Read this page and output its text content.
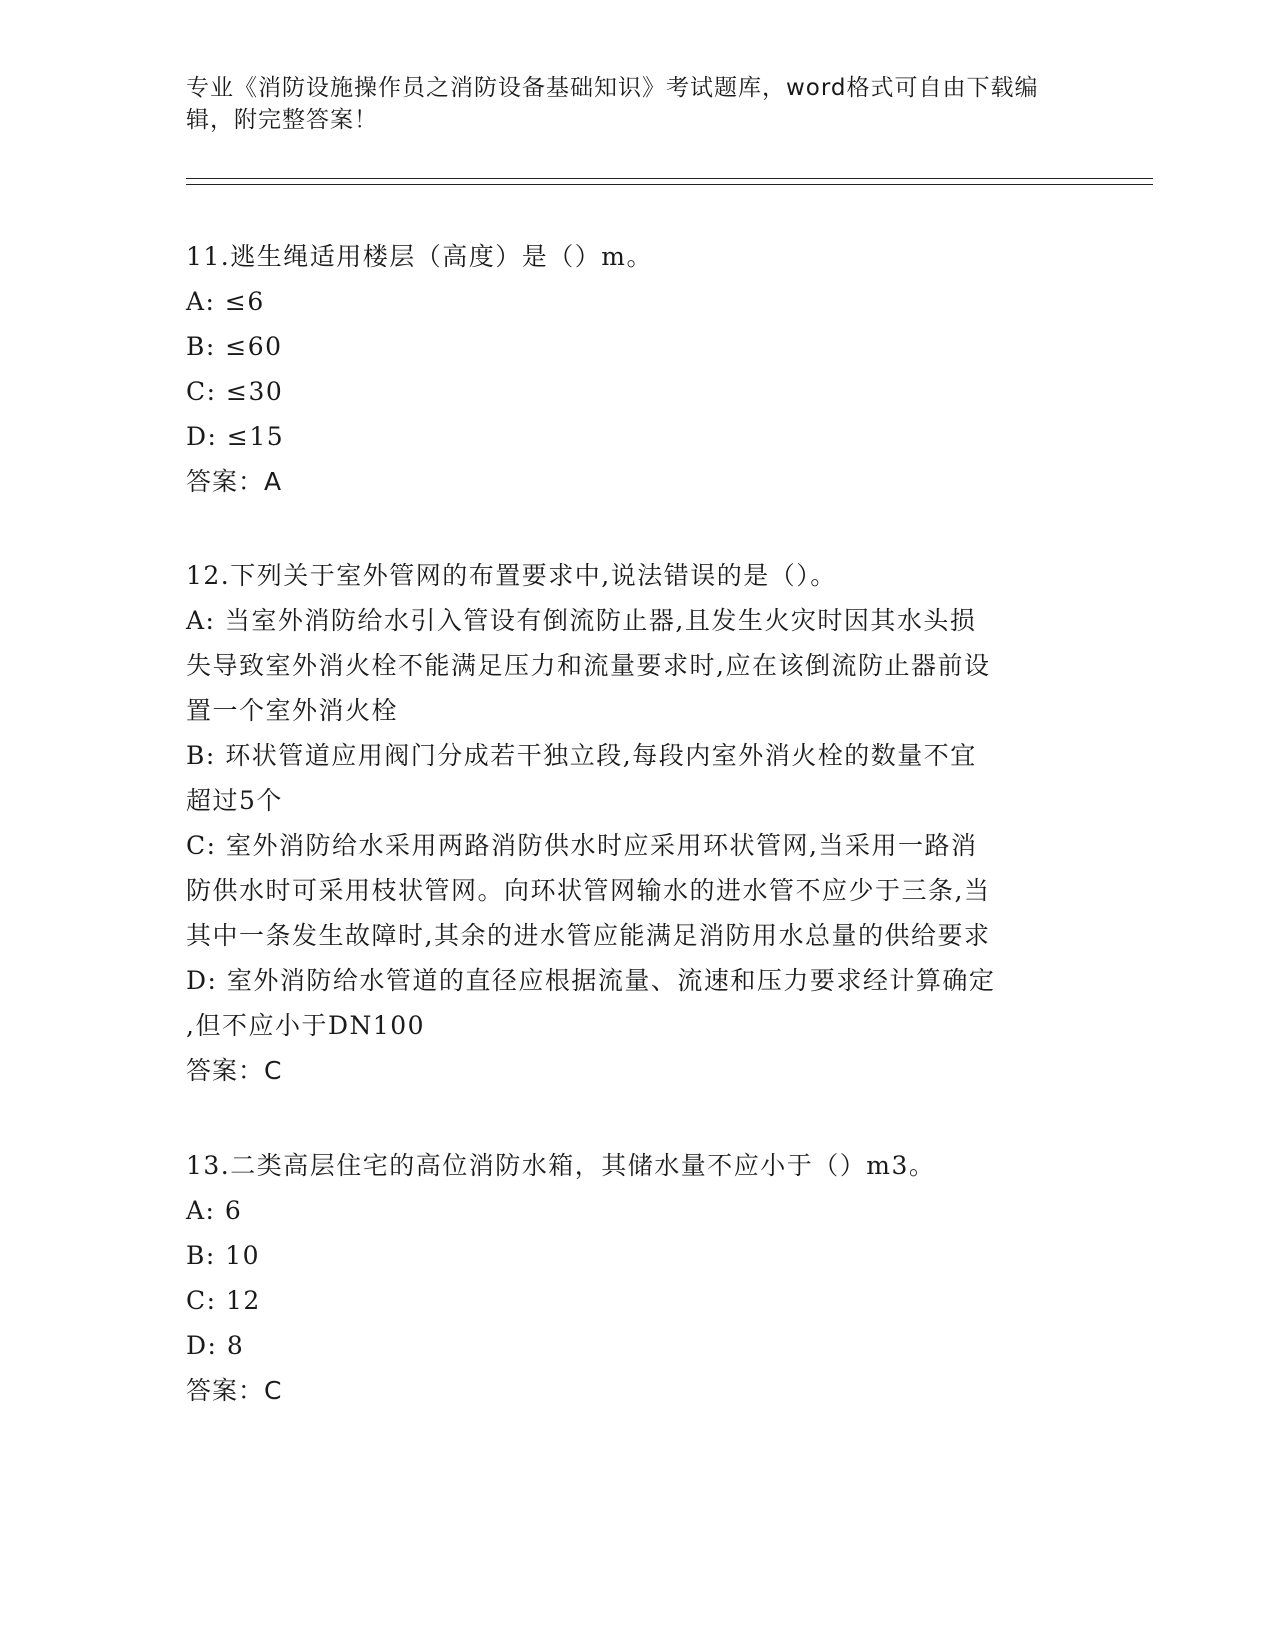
专业《消防设施操作员之消防设备基础知识》考试题库，word格式可自由下载编
辑，附完整答案！
11.逃生绳适用楼层（高度）是（）m。
A: ≤6
B: ≤60
C: ≤30
D: ≤15
答案：A
12.下列关于室外管网的布置要求中,说法错误的是（）。
A: 当室外消防给水引入管设有倒流防止器,且发生火灾时因其水头损
失导致室外消火栓不能满足压力和流量要求时,应在该倒流防止器前设
置一个室外消火栓
B: 环状管道应用阀门分成若干独立段,每段内室外消火栓的数量不宜
超过5个
C: 室外消防给水采用两路消防供水时应采用环状管网,当采用一路消
防供水时可采用枝状管网。向环状管网输水的进水管不应少于三条,当
其中一条发生故障时,其余的进水管应能满足消防用水总量的供给要求
D: 室外消防给水管道的直径应根据流量、流速和压力要求经计算确定
,但不应小于DN100
答案：C
13.二类高层住宅的高位消防水箱，其储水量不应小于（）m3。
A: 6
B: 10
C: 12
D: 8
答案：C
